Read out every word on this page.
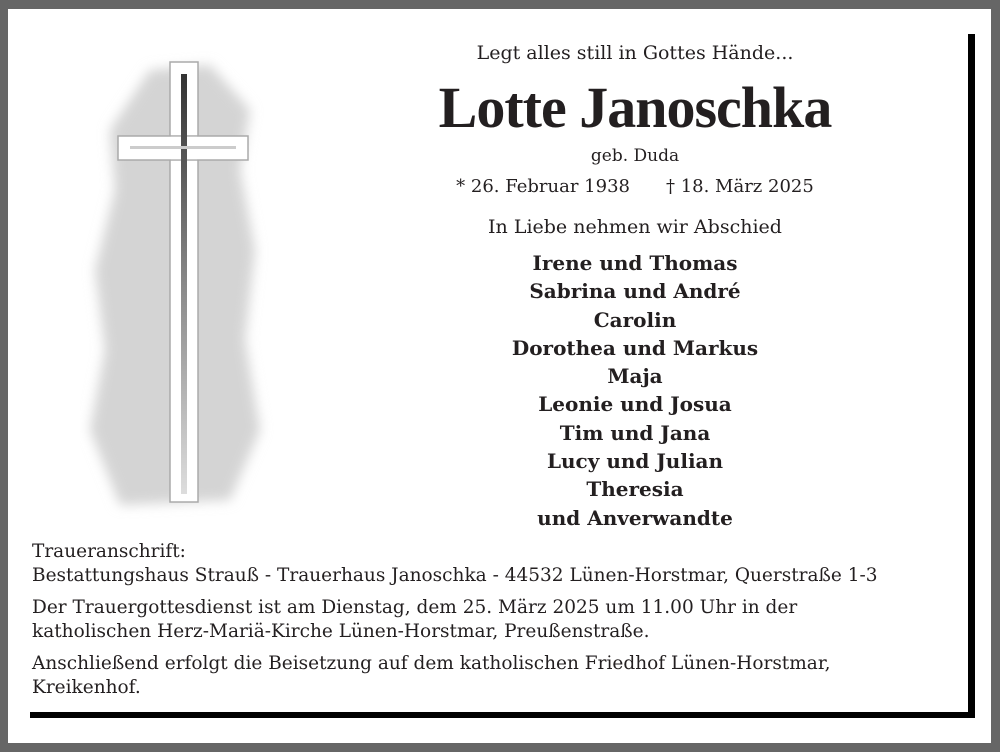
Legt alles still in Gottes Hände...
Lotte Janoschka
geb. Duda
* 26. Februar 1938 † 18. März 2025
In Liebe nehmen wir Abschied
Irene und Thomas
Sabrina und André
Carolin
Dorothea und Markus
Maja
Leonie und Josua
Tim und Jana
Lucy und Julian
Theresia
und Anverwandte

Traueranschrift:
Bestattungshaus Strauß - Trauerhaus Janoschka - 44532 Lünen-Horstmar, Querstraße 1-3

Der Trauergottesdienst ist am Dienstag, dem 25. März 2025 um 11.00 Uhr in der
katholischen Herz-Mariä-Kirche Lünen-Horstmar, Preußenstraße.

Anschließend erfolgt die Beisetzung auf dem katholischen Friedhof Lünen-Horstmar,
Kreikenhof.
